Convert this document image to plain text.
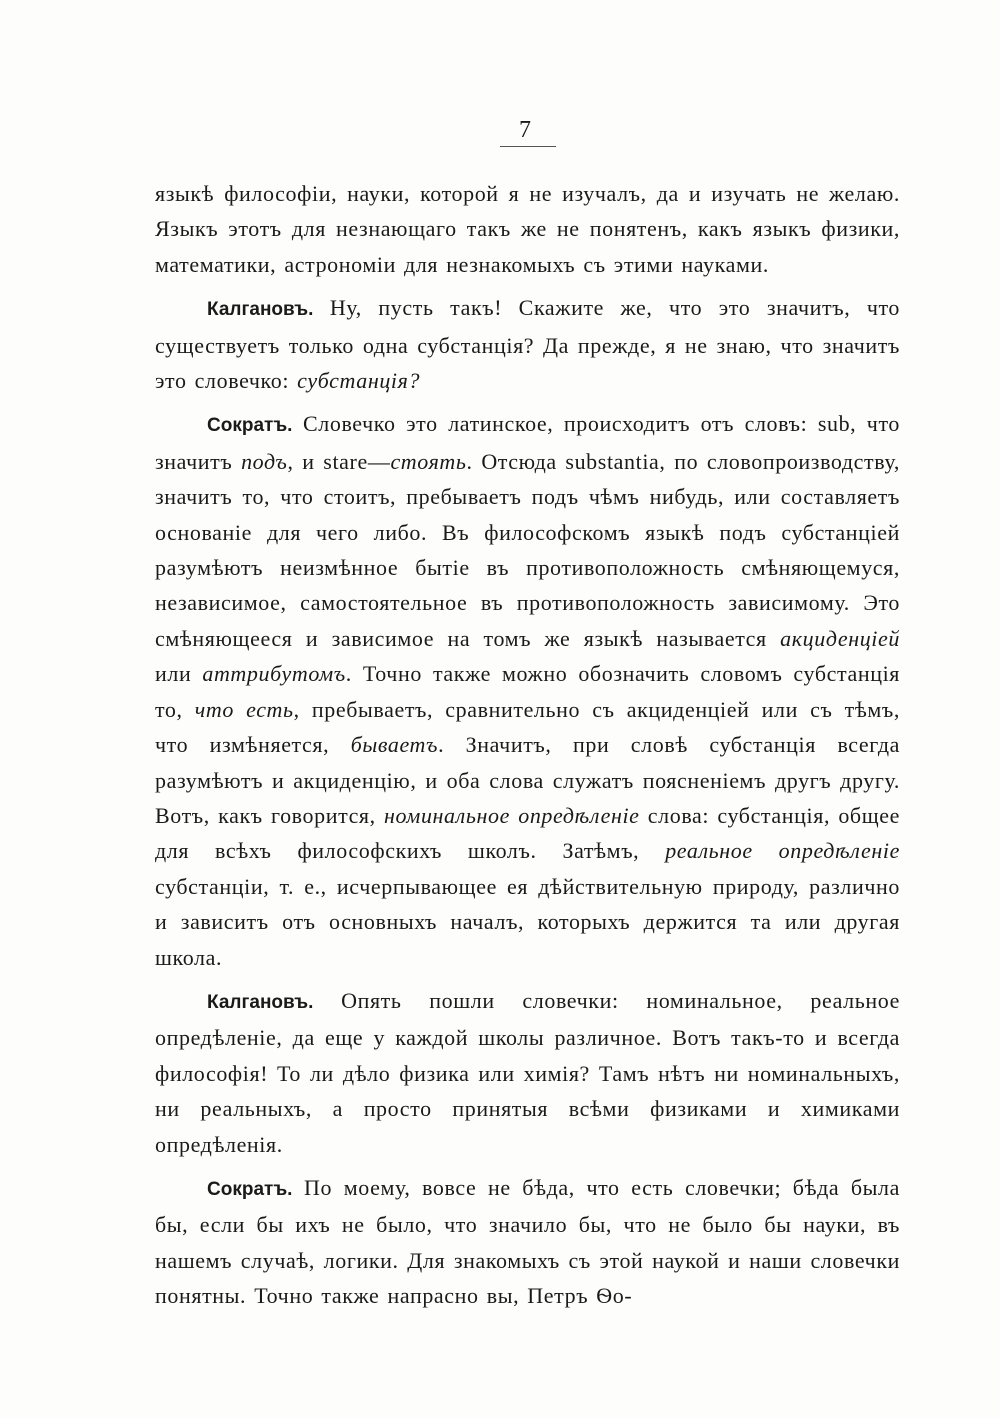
7

языкѣ философіи, науки, которой я не изучалъ, да и изучать не желаю. Языкъ этотъ для незнающаго такъ же не понятенъ, какъ языкъ физики, математики, астрономіи для незнакомыхъ съ этими науками.

Калгановъ. Ну, пусть такъ! Скажите же, что это значитъ, что существуетъ только одна субстанція? Да прежде, я не знаю, что значитъ это словечко: субстанція?

Сократъ. Словечко это латинское, происходитъ отъ словъ: sub, что значитъ подъ, и stare—стоять. Отсюда substantia, по словопроизводству, значитъ то, что стоитъ, пребываетъ подъ чѣмъ нибудь, или составляетъ основаніе для чего либо. Въ философскомъ языкѣ подъ субстанціей разумѣютъ неизмѣнное бытіе въ противоположность смѣняющемуся, независимое, самостоятельное въ противоположность зависимому. Это смѣняющееся и зависимое на томъ же языкѣ называется акциденціей или аттрибутомъ. Точно также можно обозначить словомъ субстанція то, что есть, пребываетъ, сравнительно съ акциденціей или съ тѣмъ, что измѣняется, бываетъ. Значитъ, при словѣ субстанція всегда разумѣютъ и акциденцію, и оба слова служатъ поясненіемъ другъ другу. Вотъ, какъ говорится, номинальное опредѣленіе слова: субстанція, общее для всѣхъ философскихъ школъ. Затѣмъ, реальное опредѣленіе субстанціи, т. е., исчерпывающее ея дѣйствительную природу, различно и зависитъ отъ основныхъ началъ, которыхъ держится та или другая школа.

Калгановъ. Опять пошли словечки: номинальное, реальное опредѣленіе, да еще у каждой школы различное. Вотъ такъ-то и всегда философія! То ли дѣло физика или химія? Тамъ нѣтъ ни номинальныхъ, ни реальныхъ, а просто принятыя всѣми физиками и химиками опредѣленія.

Сократъ. По моему, вовсе не бѣда, что есть словечки; бѣда была бы, если бы ихъ не было, что значило бы, что не было бы науки, въ нашемъ случаѣ, логики. Для знакомыхъ съ этой наукой и наши словечки понятны. Точно также напрасно вы, Петръ Ѳо-
